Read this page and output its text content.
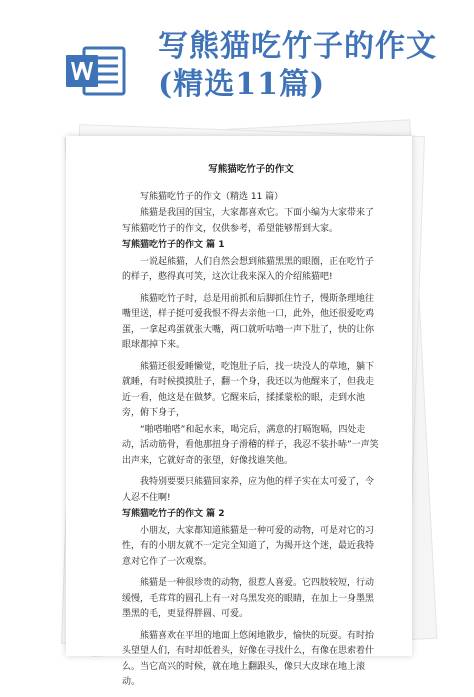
写熊猫吃竹子的作文(精选11篇)
写熊猫吃竹子的作文
写熊猫吃竹子的作文（精选 11 篇）
熊猫是我国的国宝，大家都喜欢它。下面小编为大家带来了写熊猫吃竹子的作文，仅供参考，希望能够帮到大家。
写熊猫吃竹子的作文 篇 1
一说起熊猫，人们自然会想到熊猫黑黑的眼圈，正在吃竹子的样子，憨得真可笑，这次让我来深入的介绍熊猫吧!
熊猫吃竹子时，总是用前抓和后脚抓住竹子，慢斯条理地往嘴里送，样子挺可爱我恨不得去亲他一口，此外，他还很爱吃鸡蛋，一拿起鸡蛋就张大嘴，两口就听咕噜一声下肚了，快的让你眼球都掉下来。
熊猫还很爱睡懒觉，吃饱肚子后，找一块没人的草地，躺下就睡，有时候摸摸肚子，翻一个身，我还以为他醒来了，但我走近一看，他这是在做梦。它醒来后，揉揉蒙松的眼，走到水池旁，俯下身子，
“啪嗒啪嗒”和起水来，喝完后，满意的打嗝饱嗝，四处走动，活动筋骨，看他那扭身子滑稽的样子，我忍不装扑哧”一声笑出声来，它就好奇的张望，好像找谁笑他。
我特别要要只熊猫回家养，应为他的样子实在太可爱了，令人忍不住啊!
写熊猫吃竹子的作文 篇 2
小朋友，大家都知道熊猫是一种可爱的动物，可是对它的习性，有的小朋友就不一定完全知道了，为揭开这个迷，最近我特意对它作了一次观察。
熊猫是一种很珍贵的动物，很惹人喜爱。它四肢较短，行动缓慢，毛茸茸的圆孔上有一对乌黑发亮的眼睛，在加上一身墨黑墨黑的毛，更显得胖圆、可爱。
熊猫喜欢在平坦的地面上悠闲地散步，愉快的玩耍。有时抬头望望人们，有时却低着头，好像在寻找什么，有像在思索着什么。当它高兴的时候，就在地上翻跟头，像只大皮球在地上滚动。
